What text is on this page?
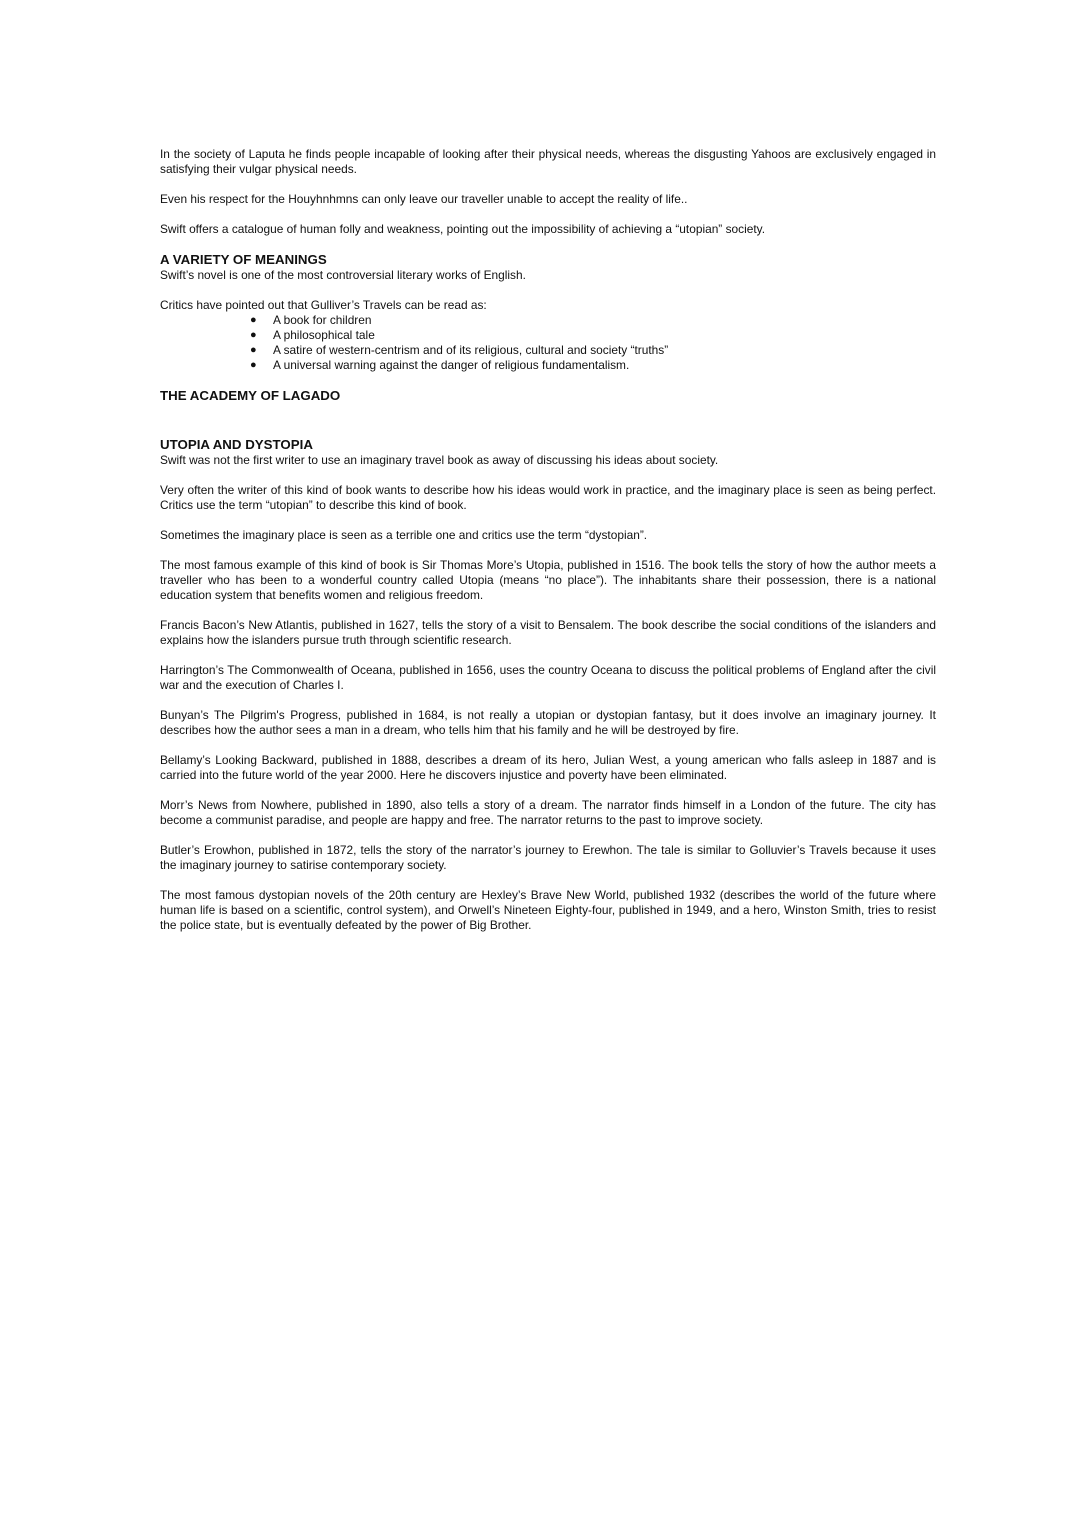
In the society of Laputa he finds people incapable of looking after their physical needs, whereas the disgusting Yahoos are exclusively engaged in satisfying their vulgar physical needs.

Even his respect for the Houyhnhmns can only leave our traveller unable to accept the reality of life..

Swift offers a catalogue of human folly and weakness, pointing out the impossibility of achieving a “utopian” society.

A VARIETY OF MEANINGS

Swift’s novel is one of the most controversial literary works of English.

Critics have pointed out that Gulliver’s Travels can be read as:

● A book for children
● A philosophical tale
● A satire of western-centrism and of its religious, cultural and society “truths”
● A universal warning against the danger of religious fundamentalism.
THE ACADEMY OF LAGADO
UTOPIA AND DYSTOPIA

Swift was not the first writer to use an imaginary travel book as away of discussing his ideas about society.

Very often the writer of this kind of book wants to describe how his ideas would work in practice, and the imaginary place is seen as being perfect. Critics use the term “utopian” to describe this kind of book.

Sometimes the imaginary place is seen as a terrible one and critics use the term “dystopian”.

The most famous example of this kind of book is Sir Thomas More’s Utopia, published in 1516. The book tells the story of how the author meets a traveller who has been to a wonderful country called Utopia (means “no place”). The inhabitants share their possession, there is a national education system that benefits women and religious freedom.

Francis Bacon’s New Atlantis, published in 1627, tells the story of a visit to Bensalem. The book describe the social conditions of the islanders and explains how the islanders pursue truth through scientific research.

Harrington’s The Commonwealth of Oceana, published in 1656, uses the country Oceana to discuss the political problems of England after the civil war and the execution of Charles I.

Bunyan’s The Pilgrim's Progress, published in 1684, is not really a utopian or dystopian fantasy, but it does involve an imaginary journey. It describes how the author sees a man in a dream, who tells him that his family and he will be destroyed by fire.

Bellamy’s Looking Backward, published in 1888, describes a dream of its hero, Julian West, a young american who falls asleep in 1887 and is carried into the future world of the year 2000. Here he discovers injustice and poverty have been eliminated.

Morr’s News from Nowhere, published in 1890, also tells a story of a dream. The narrator finds himself in a London of the future. The city has become a communist paradise, and people are happy and free. The narrator returns to the past to improve society.

Butler’s Erowhon, published in 1872, tells the story of the narrator’s journey to Erewhon. The tale is similar to Golluvier’s Travels because it uses the imaginary journey to satirise contemporary society.

The most famous dystopian novels of the 20th century are Hexley’s Brave New World, published 1932 (describes the world of the future where human life is based on a scientific, control system), and Orwell’s Nineteen Eighty-four, published in 1949, and a hero, Winston Smith, tries to resist the police state, but is eventually defeated by the power of Big Brother.
